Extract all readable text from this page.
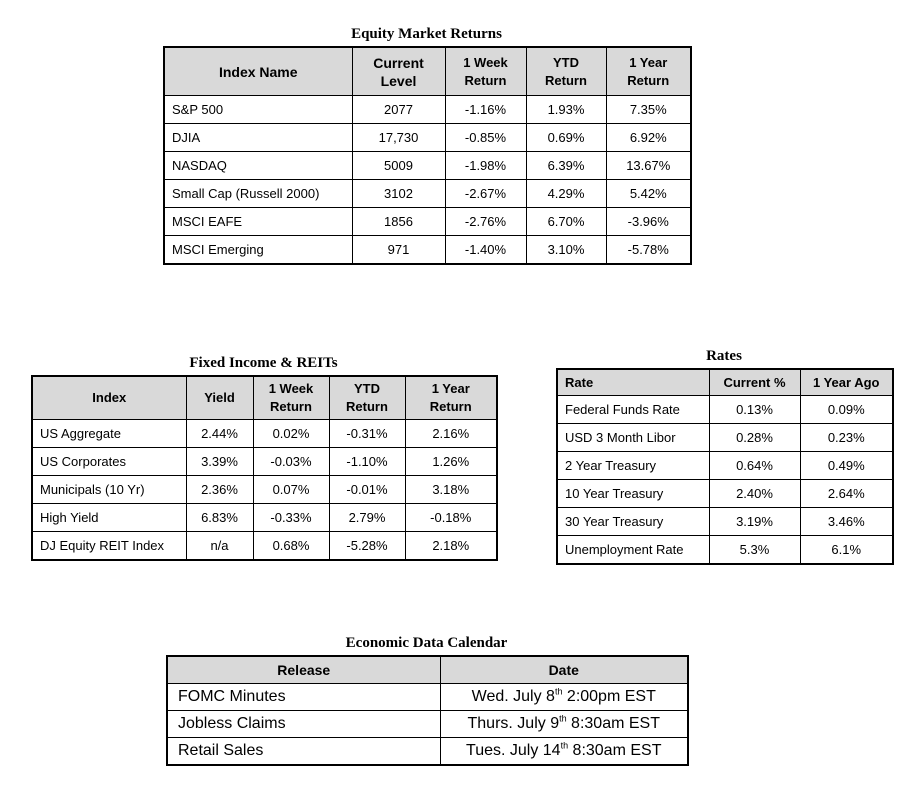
Equity Market Returns
Index Name	Current Level	1 Week Return	YTD Return	1 Year Return
S&P 500	2077	-1.16%	1.93%	7.35%
DJIA	17,730	-0.85%	0.69%	6.92%
NASDAQ	5009	-1.98%	6.39%	13.67%
Small Cap (Russell 2000)	3102	-2.67%	4.29%	5.42%
MSCI EAFE	1856	-2.76%	6.70%	-3.96%
MSCI Emerging	971	-1.40%	3.10%	-5.78%
Fixed Income & REITs
Index	Yield	1 Week Return	YTD Return	1 Year Return
US Aggregate	2.44%	0.02%	-0.31%	2.16%
US Corporates	3.39%	-0.03%	-1.10%	1.26%
Municipals (10 Yr)	2.36%	0.07%	-0.01%	3.18%
High Yield	6.83%	-0.33%	2.79%	-0.18%
DJ Equity REIT Index	n/a	0.68%	-5.28%	2.18%
Rates
Rate	Current %	1 Year Ago
Federal Funds Rate	0.13%	0.09%
USD 3 Month Libor	0.28%	0.23%
2 Year Treasury	0.64%	0.49%
10 Year Treasury	2.40%	2.64%
30 Year Treasury	3.19%	3.46%
Unemployment Rate	5.3%	6.1%
Economic Data Calendar
Release	Date
FOMC Minutes	Wed. July 8th 2:00pm EST
Jobless Claims	Thurs. July 9th 8:30am EST
Retail Sales	Tues. July 14th 8:30am EST
